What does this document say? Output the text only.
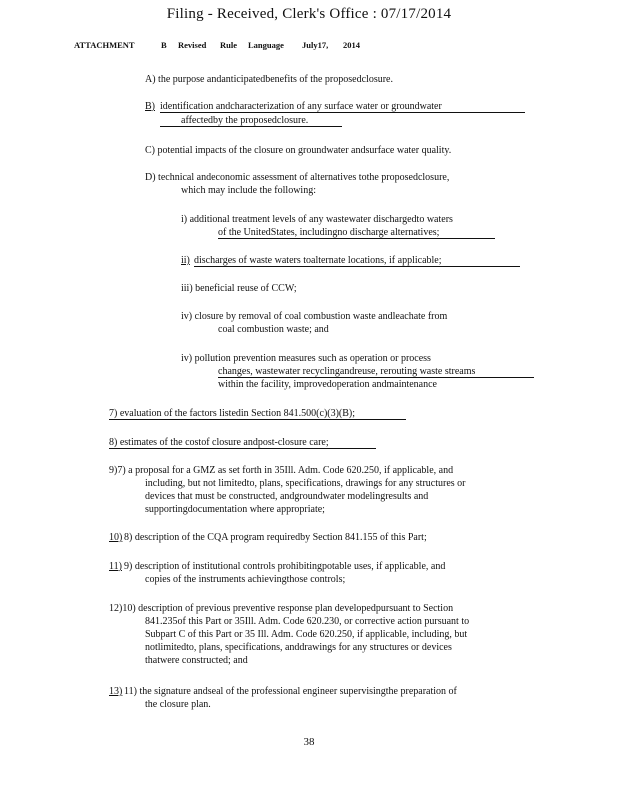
Filing - Received, Clerk's Office : 07/17/2014
ATTACHMENT	B Revised Rule Language July17, 2014
A) the purpose andanticipatedbenefits of the proposedclosure.
B) identification andcharacterization of any surface water or groundwater
affectedby the proposedclosure.
C) potential impacts of the closure on groundwater andsurface water quality.
D) technical andeconomic assessment of alternatives tothe proposedclosure,
which may include the following:
i) additional treatment levels of any wastewater dischargedto waters
of the UnitedStates, includingno discharge alternatives;
ii) discharges of waste waters toalternate locations, if applicable;
iii) beneficial reuse of CCW;
iv) closure by removal of coal combustion waste andleachate from
coal combustion waste; and
iv) pollution prevention measures such as operation or process
changes, wastewater recyclingandreuse, rerouting waste streams
within the facility, improvedoperation andmaintenance
7) evaluation of the factors listedin Section 841.500(c)(3)(B);
8) estimates of the costof closure andpost-closure care;
9)7) a proposal for a GMZ as set forth in 35Ill. Adm. Code 620.250, if applicable, and
including, but not limitedto, plans, specifications, drawings for any structures or
devices that must be constructed, andgroundwater modelingresults and
supportingdocumentation where appropriate;
10) 8) description of the CQA program requiredby Section 841.155 of this Part;
11) 9) description of institutional controls prohibitingpotable uses, if applicable, and
copies of the instruments achievingthose controls;
12)10) description of previous preventive response plan developedpursuant to Section
841.235of this Part or 35Ill. Adm. Code 620.230, or corrective action pursuant to
Subpart C of this Part or 35 Ill. Adm. Code 620.250, if applicable, including, but
notlimitedto, plans, specifications, anddrawings for any structures or devices
thatwere constructed; and
13) 11) the signature andseal of the professional engineer supervisingthe preparation of
the closure plan.
38
